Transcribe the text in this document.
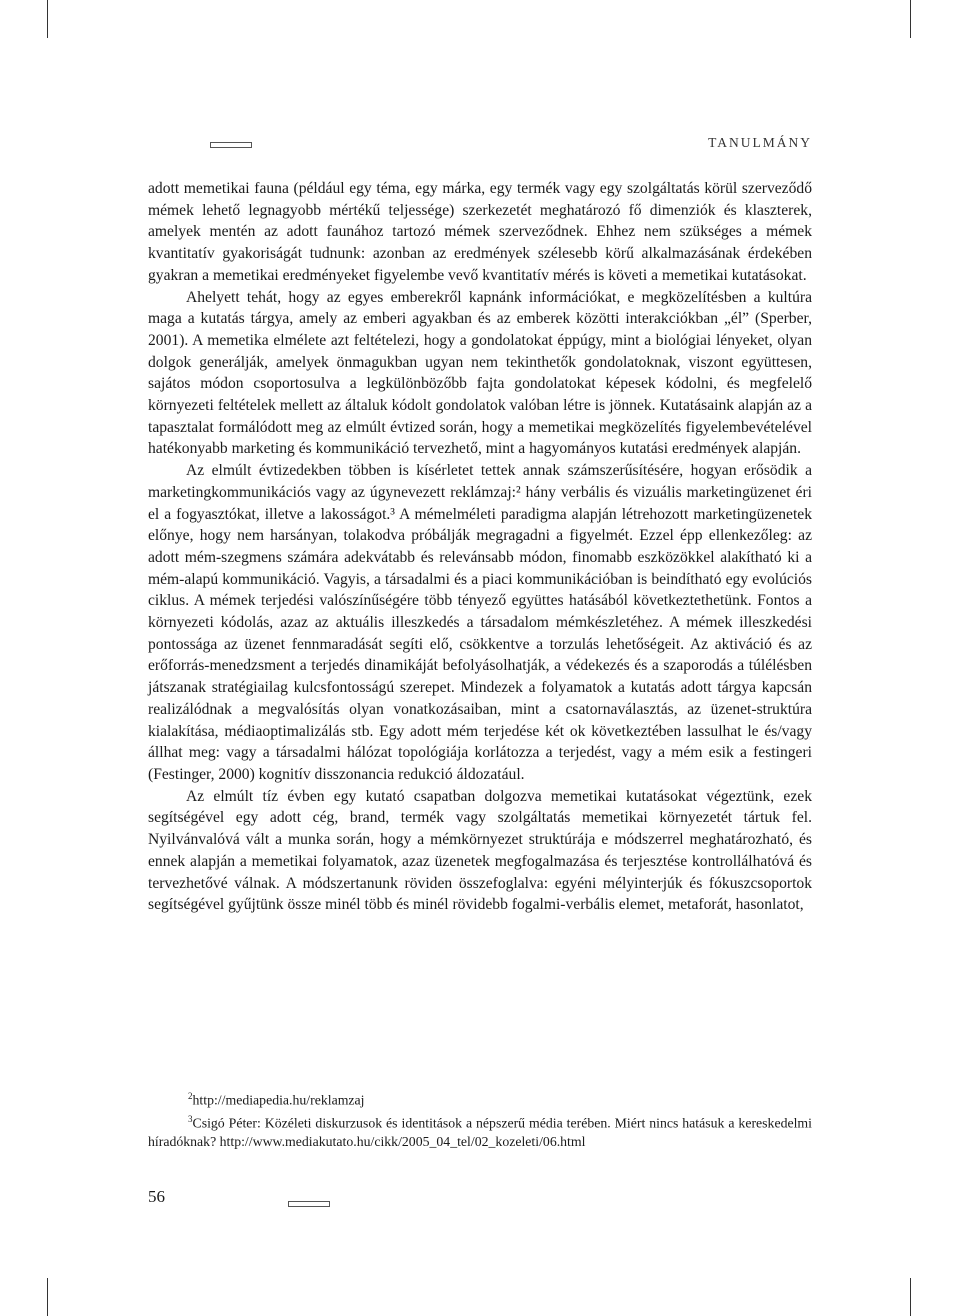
TANULMÁNY

adott memetikai fauna (például egy téma, egy márka, egy termék vagy egy szolgáltatás körül szerveződő mémek lehető legnagyobb mértékű teljessége) szerkezetét meghatározó fő dimenziók és klaszterek, amelyek mentén az adott faunához tartozó mémek szerveződnek. Ehhez nem szükséges a mémek kvantitatív gyakoriságát tudnunk: azonban az eredmények szélesebb körű alkalmazásának érdekében gyakran a memetikai eredményeket figyelembe vevő kvantitatív mérés is követi a memetikai kutatásokat.

Ahelyett tehát, hogy az egyes emberekről kapnánk információkat, e megközelítésben a kultúra maga a kutatás tárgya, amely az emberi agyakban és az emberek közötti interakciókban „él” (Sperber, 2001). A memetika elmélete azt feltételezi, hogy a gondolatokat éppúgy, mint a biológiai lényeket, olyan dolgok generálják, amelyek önmagukban ugyan nem tekinthetők gondolatoknak, viszont együttesen, sajátos módon csoportosulva a legkülönbözőbb fajta gondolatokat képesek kódolni, és megfelelő környezeti feltételek mellett az általuk kódolt gondolatok valóban létre is jönnek. Kutatásaink alapján az a tapasztalat formálódott meg az elmúlt évtized során, hogy a memetikai megközelítés figyelembevételével hatékonyabb marketing és kommunikáció tervezhető, mint a hagyományos kutatási eredmények alapján.

Az elmúlt évtizedekben többen is kísérletet tettek annak számszerűsítésére, hogyan erősödik a marketingkommunikációs vagy az úgynevezett reklámzaj:² hány verbális és vizuális marketingüzenet éri el a fogyasztókat, illetve a lakosságot.³ A mémelméleti paradigma alapján létrehozott marketingüzenetek előnye, hogy nem harsányan, tolakodva próbálják megragadni a figyelmét. Ezzel épp ellenkezőleg: az adott mém-szegmens számára adekvátabb és relevánsabb módon, finomabb eszközökkel alakítható ki a mém-alapú kommunikáció. Vagyis, a társadalmi és a piaci kommunikációban is beindítható egy evolúciós ciklus. A mémek terjedési valószínűségére több tényező együttes hatásából következtethetünk. Fontos a környezeti kódolás, azaz az aktuális illeszkedés a társadalom mémkészletéhez. A mémek illeszkedési pontossága az üzenet fennmaradását segíti elő, csökkentve a torzulás lehetőségeit. Az aktiváció és az erőforrás-menedzsment a terjedés dinamikáját befolyásolhatják, a védekezés és a szaporodás a túlélésben játszanak stratégiailag kulcsfontosságú szerepet. Mindezek a folyamatok a kutatás adott tárgya kapcsán realizálódnak a megvalósítás olyan vonatkozásaiban, mint a csatornaválasztás, az üzenet-struktúra kialakítása, médiaoptimalizálás stb. Egy adott mém terjedése két ok következtében lassulhat le és/vagy állhat meg: vagy a társadalmi hálózat topológiája korlátozza a terjedést, vagy a mém esik a festingeri (Festinger, 2000) kognitív disszonancia redukció áldozatául.

Az elmúlt tíz évben egy kutató csapatban dolgozva memetikai kutatásokat végeztünk, ezek segítségével egy adott cég, brand, termék vagy szolgáltatás memetikai környezetét tártuk fel. Nyilvánvalóvá vált a munka során, hogy a mémkörnyezet struktúrája e módszerrel meghatározható, és ennek alapján a memetikai folyamatok, azaz üzenetek megfogalmazása és terjesztése kontrollálhatóvá és tervezhetővé válnak. A módszertanunk röviden összefoglalva: egyéni mélyinterjúk és fókuszcsoportok segítségével gyűjtünk össze minél több és minél rövidebb fogalmi-verbális elemet, metaforát, hasonlatot,

$^2$http://mediapedia.hu/reklamzaj

$^3$Csigó Péter: Közéleti diskurzusok és identitások a népszerű média terében. Miért nincs hatásuk a kereskedelmi híradóknak? http://www.mediakutato.hu/cikk/2005_04_tel/02_kozeleti/06.html

56
